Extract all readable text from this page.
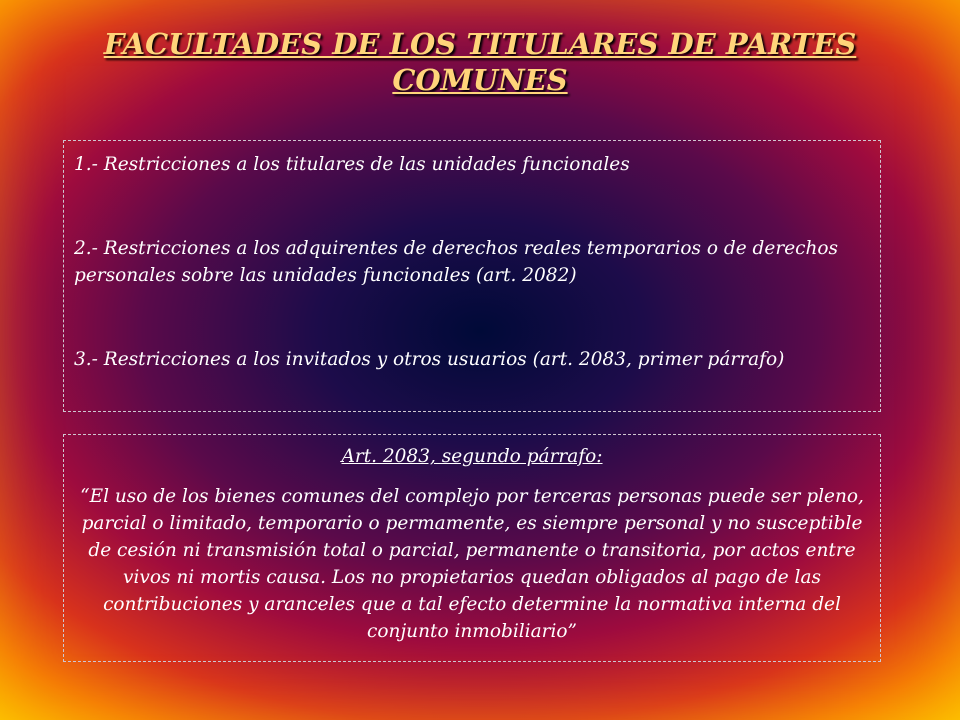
FACULTADES DE LOS TITULARES DE PARTES COMUNES

1.- Restricciones a los titulares de las unidades funcionales

2.- Restricciones a los adquirentes de derechos reales temporarios o de derechos personales sobre las unidades funcionales (art. 2082)

3.- Restricciones a los invitados y otros usuarios (art. 2083, primer párrafo)

Art. 2083, segundo párrafo:

“El uso de los bienes comunes del complejo por terceras personas puede ser pleno, parcial o limitado, temporario o permamente, es siempre personal y no susceptible de cesión ni transmisión total o parcial, permanente o transitoria, por actos entre vivos ni mortis causa. Los no propietarios quedan obligados al pago de las contribuciones y aranceles que a tal efecto determine la normativa interna del conjunto inmobiliario”
